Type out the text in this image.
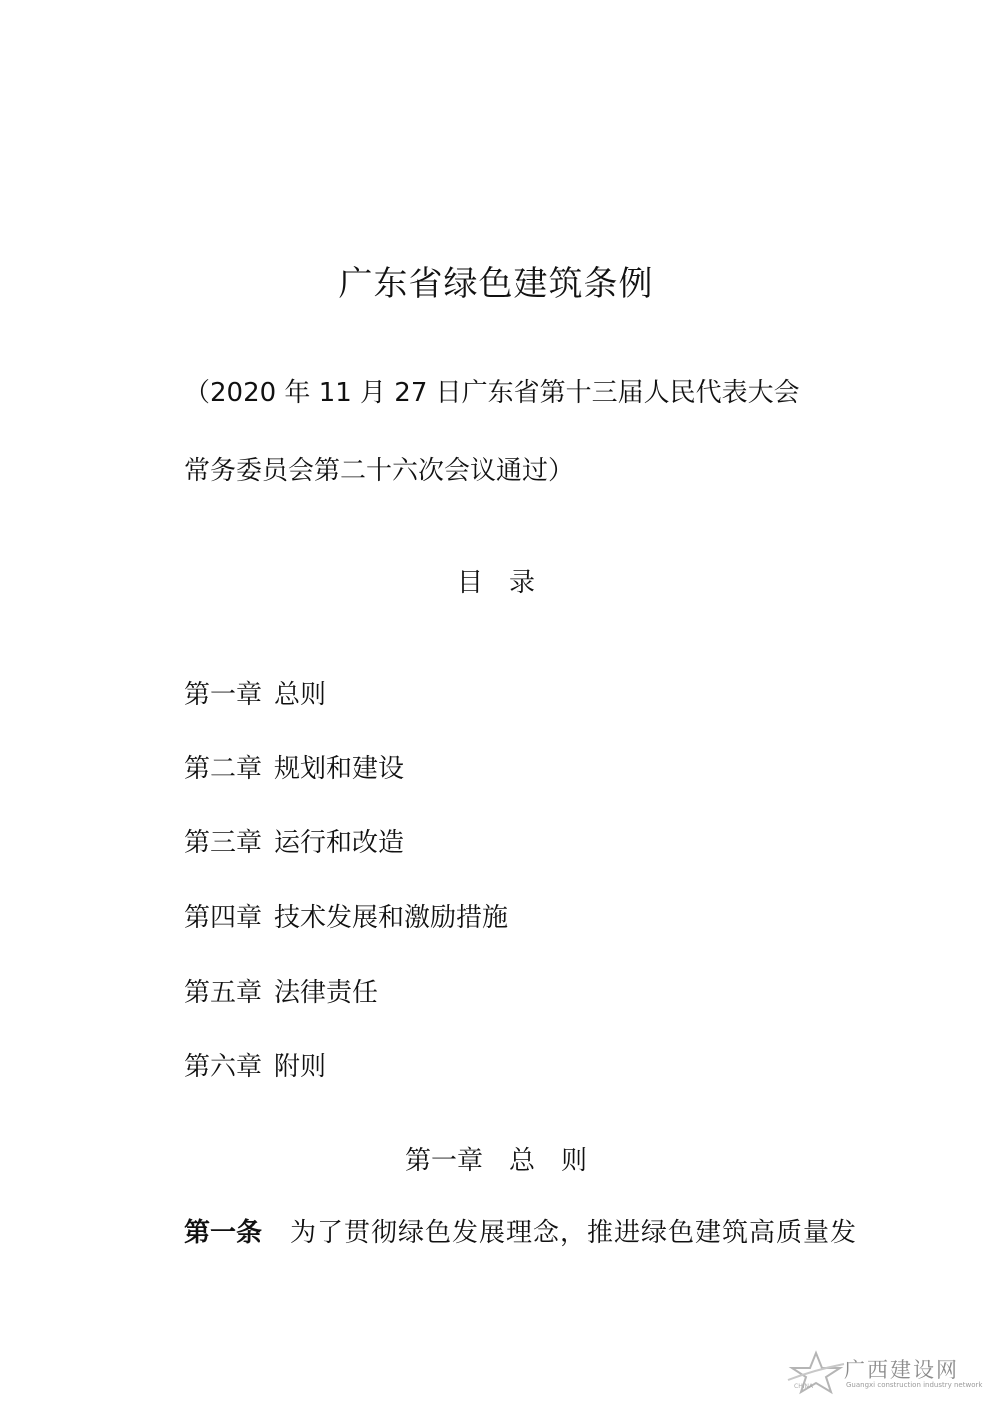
广东省绿色建筑条例
（2020 年 11 月 27 日广东省第十三届人民代表大会
常务委员会第二十六次会议通过）
目　录
第一章 总则
第二章 规划和建设
第三章 运行和改造
第四章 技术发展和激励措施
第五章 法律责任
第六章 附则
第一章　总　则
第一条 为了贯彻绿色发展理念，推进绿色建筑高质量发
CHINA
广西建设网
Guangxi construction industry network
